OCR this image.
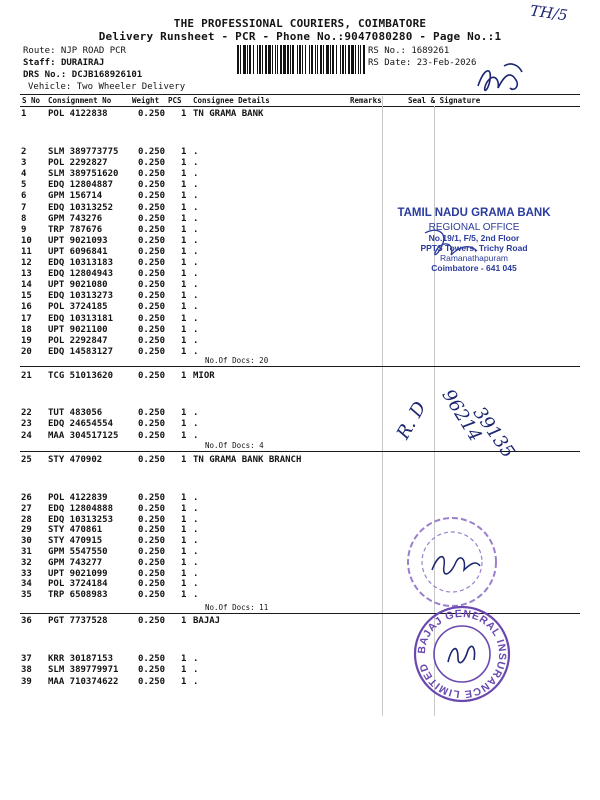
THE PROFESSIONAL COURIERS, COIMBATORE
Delivery Runsheet - PCR - Phone No.:9047080280 - Page No.:1
Route: NJP ROAD PCR
Staff: DURAIRAJ
DRS No.: DCJB168926101
Vehicle: Two Wheeler Delivery
RS No.: 1689261
RS Date: 23-Feb-2026
TH/5
S No Consignment No	Weight PCS Consignee Details	Remarks	Seal & Signature
1 POL 4122838	0.250 1 TN GRAMA BANK
2 SLM 389773775 0.250 1 .
3 POL 2292827	0.250 1 .
4 SLM 389751620 0.250 1 .
5 EDQ 12804887	0.250 1 .
6 GPM 156714	0.250 1 .
7 EDQ 10313252	0.250 1 .
8 GPM 743276	0.250 1 .
9 TRP 787676	0.250 1 .
10 UPT 9021093	0.250 1 .
11 UPT 6096841	0.250 1 .
12 EDQ 10313183	0.250 1 .
13 EDQ 12804943	0.250 1 .
14 UPT 9021080	0.250 1 .
15 EDQ 10313273	0.250 1 .
16 POL 3724185	0.250 1 .
17 EDQ 10313181	0.250 1 .
18 UPT 9021100	0.250 1 .
19 POL 2292847	0.250 1 .
20 EDQ 14583127	0.250 1 .
No.Of Docs: 20
21 TCG 51013620	0.250 1 MIOR
22 TUT 483056	0.250 1 .
23 EDQ 24654554	0.250 1 .
24 MAA 304517125 0.250 1 .
No.Of Docs: 4
25 STY 470902	0.250 1 TN GRAMA BANK BRANCH
26 POL 4122839	0.250 1 .
27 EDQ 12804888	0.250 1 .
28 EDQ 10313253	0.250 1 .
29 STY 470861	0.250 1 .
30 STY 470915	0.250 1 .
31 GPM 5547550	0.250 1 .
32 GPM 743277	0.250 1 .
33 UPT 9021099	0.250 1 .
34 POL 3724184	0.250 1 .
35 TRP 6508983	0.250 1 .
No.Of Docs: 11
36 PGT 7737528	0.250 1 BAJAJ
37 KRR 30187153	0.250 1 .
38 SLM 389779971 0.250 1 .
39 MAA 710374622 0.250 1 .
TAMIL NADU GRAMA BANK
REGIONAL OFFICE
No.19/1, F/5, 2nd Floor
PPTS Towers, Trichy Road
Ramanathapuram
Coimbatore - 641 045
R. D 96214
39135
BAJAJ GENERAL INSURANCE LIMITED
